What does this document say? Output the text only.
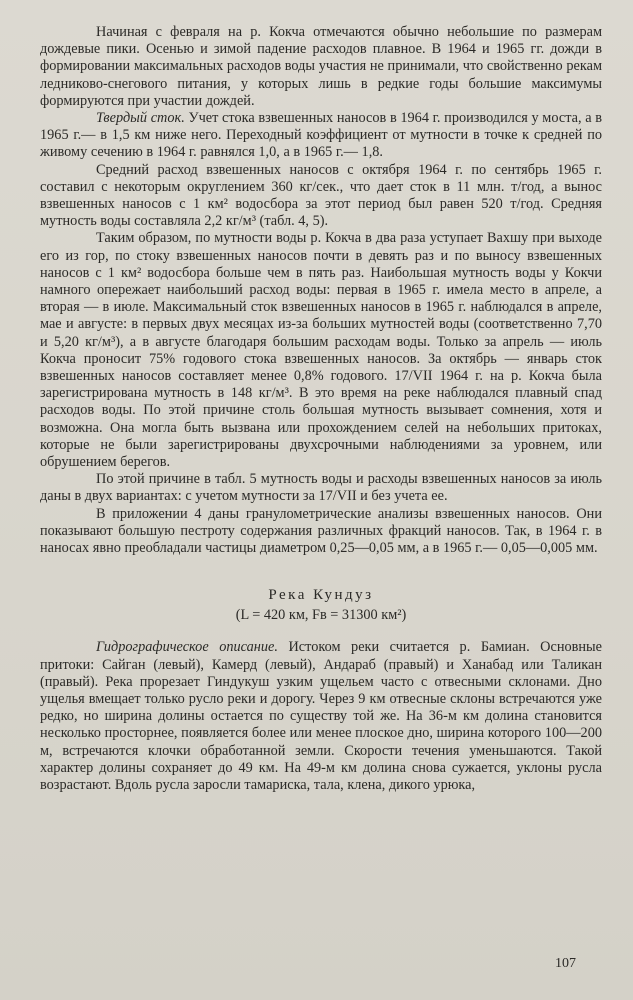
Начиная с февраля на р. Кокча отмечаются обычно небольшие по размерам дождевые пики. Осенью и зимой падение расходов плавное. В 1964 и 1965 гг. дожди в формировании максимальных расходов воды участия не принимали, что свойственно рекам ледниково-снегового питания, у которых лишь в редкие годы большие максимумы формируются при участии дождей.

Твердый сток. Учет стока взвешенных наносов в 1964 г. производился у моста, а в 1965 г.— в 1,5 км ниже него. Переходный коэффициент от мутности в точке к средней по живому сечению в 1964 г. равнялся 1,0, а в 1965 г.— 1,8.

Средний расход взвешенных наносов с октября 1964 г. по сентябрь 1965 г. составил с некоторым округлением 360 кг/сек., что дает сток в 11 млн. т/год, а вынос взвешенных наносов с 1 км² водосбора за этот период был равен 520 т/год. Средняя мутность воды составляла 2,2 кг/м³ (табл. 4, 5).

Таким образом, по мутности воды р. Кокча в два раза уступает Вахшу при выходе его из гор, по стоку взвешенных наносов почти в девять раз и по выносу взвешенных наносов с 1 км² водосбора больше чем в пять раз. Наибольшая мутность воды у Кокчи намного опережает наибольший расход воды: первая в 1965 г. имела место в апреле, а вторая — в июле. Максимальный сток взвешенных наносов в 1965 г. наблюдался в апреле, мае и августе: в первых двух месяцах из-за больших мутностей воды (соответственно 7,70 и 5,20 кг/м³), а в августе благодаря большим расходам воды. Только за апрель — июль Кокча проносит 75% годового стока взвешенных наносов. За октябрь — январь сток взвешенных наносов составляет менее 0,8% годового. 17/VII 1964 г. на р. Кокча была зарегистрирована мутность в 148 кг/м³. В это время на реке наблюдался плавный спад расходов воды. По этой причине столь большая мутность вызывает сомнения, хотя и возможна. Она могла быть вызвана или прохождением селей на небольших притоках, которые не были зарегистрированы двухсрочными наблюдениями за уровнем, или обрушением берегов.

По этой причине в табл. 5 мутность воды и расходы взвешенных наносов за июль даны в двух вариантах: с учетом мутности за 17/VII и без учета ее.

В приложении 4 даны гранулометрические анализы взвешенных наносов. Они показывают большую пестроту содержания различных фракций наносов. Так, в 1964 г. в наносах явно преобладали частицы диаметром 0,25—0,05 мм, а в 1965 г.— 0,05—0,005 мм.

Река Кундуз
(L = 420 км, Fв = 31300 км²)

Гидрографическое описание. Истоком реки считается р. Бамиан. Основные притоки: Сайган (левый), Камерд (левый), Андараб (правый) и Ханабад или Таликан (правый). Река прорезает Гиндукуш узким ущельем часто с отвесными склонами. Дно ущелья вмещает только русло реки и дорогу. Через 9 км отвесные склоны встречаются уже редко, но ширина долины остается по существу той же. На 36-м км долина становится несколько просторнее, появляется более или менее плоское дно, ширина которого 100—200 м, встречаются клочки обработанной земли. Скорости течения уменьшаются. Такой характер долины сохраняет до 49 км. На 49-м км долина снова сужается, уклоны русла возрастают. Вдоль русла заросли тамариска, тала, клена, дикого урюка,

107
